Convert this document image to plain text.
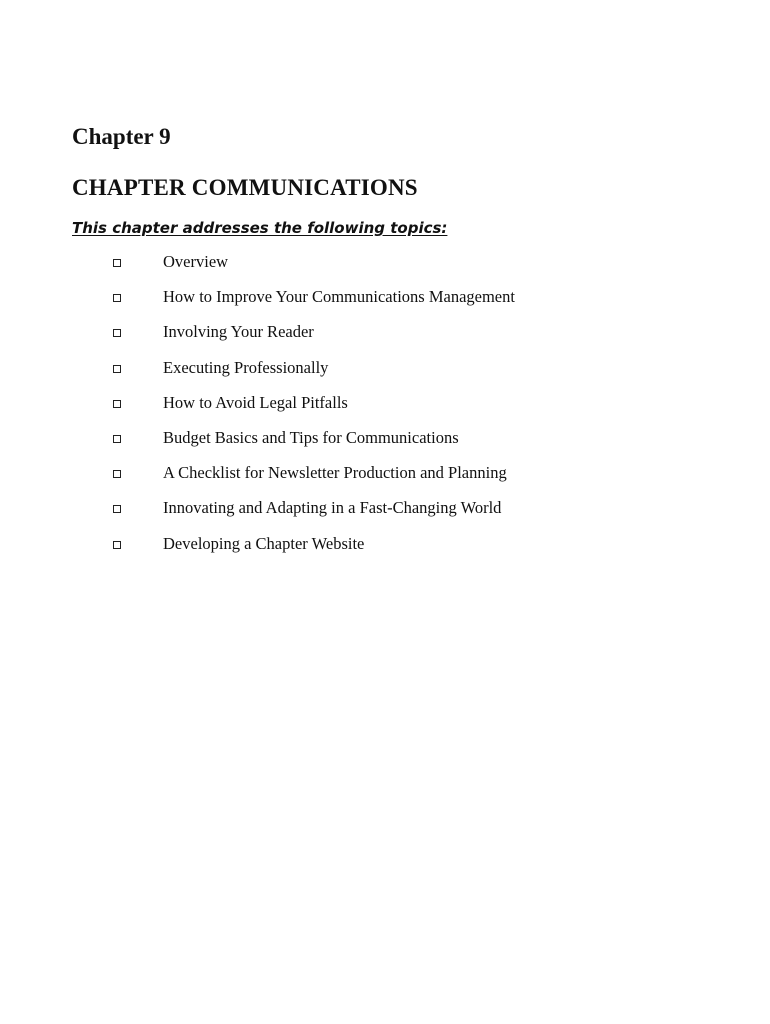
Chapter 9
CHAPTER COMMUNICATIONS

This chapter addresses the following topics:

Overview
How to Improve Your Communications Management
Involving Your Reader
Executing Professionally
How to Avoid Legal Pitfalls
Budget Basics and Tips for Communications
A Checklist for Newsletter Production and Planning
Innovating and Adapting in a Fast-Changing World
Developing a Chapter Website
